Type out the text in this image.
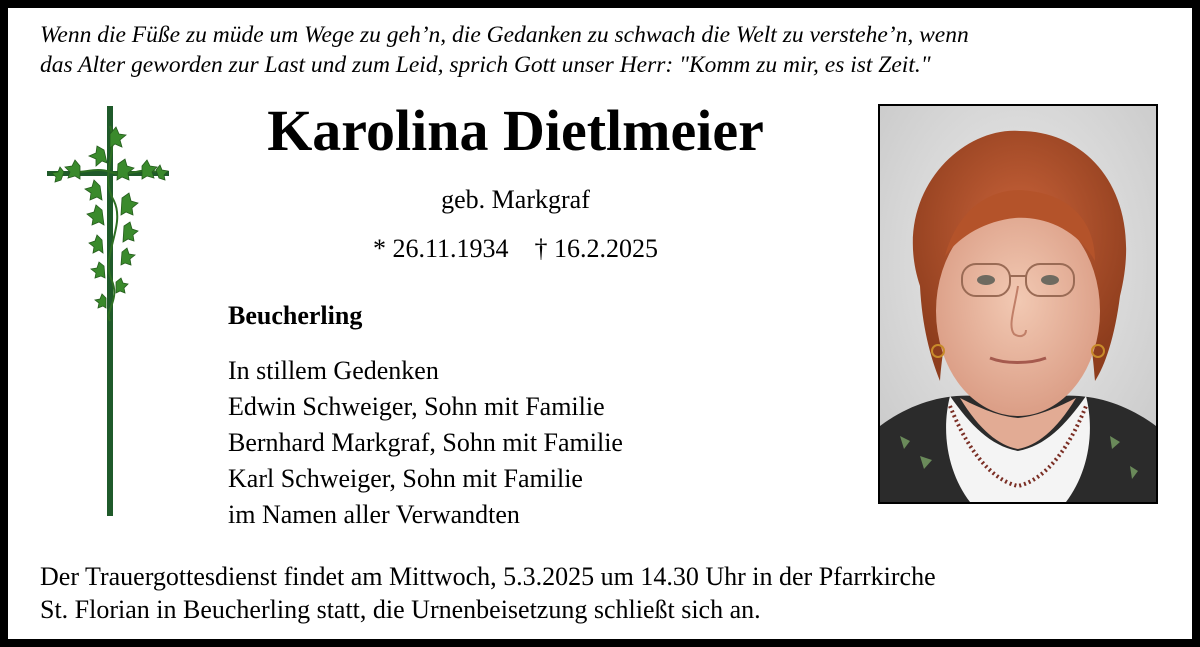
Wenn die Füße zu müde um Wege zu geh’n, die Gedanken zu schwach die Welt zu verstehe’n, wenn
das Alter geworden zur Last und zum Leid, sprich Gott unser Herr: "Komm zu mir, es ist Zeit."
Karolina Dietlmeier
geb. Markgraf
* 26.11.1934    † 16.2.2025
Beucherling
In stillem Gedenken
Edwin Schweiger, Sohn mit Familie
Bernhard Markgraf, Sohn mit Familie
Karl Schweiger, Sohn mit Familie
im Namen aller Verwandten
Der Trauergottesdienst findet am Mittwoch, 5.3.2025 um 14.30 Uhr in der Pfarrkirche
St. Florian in Beucherling statt, die Urnenbeisetzung schließt sich an.
